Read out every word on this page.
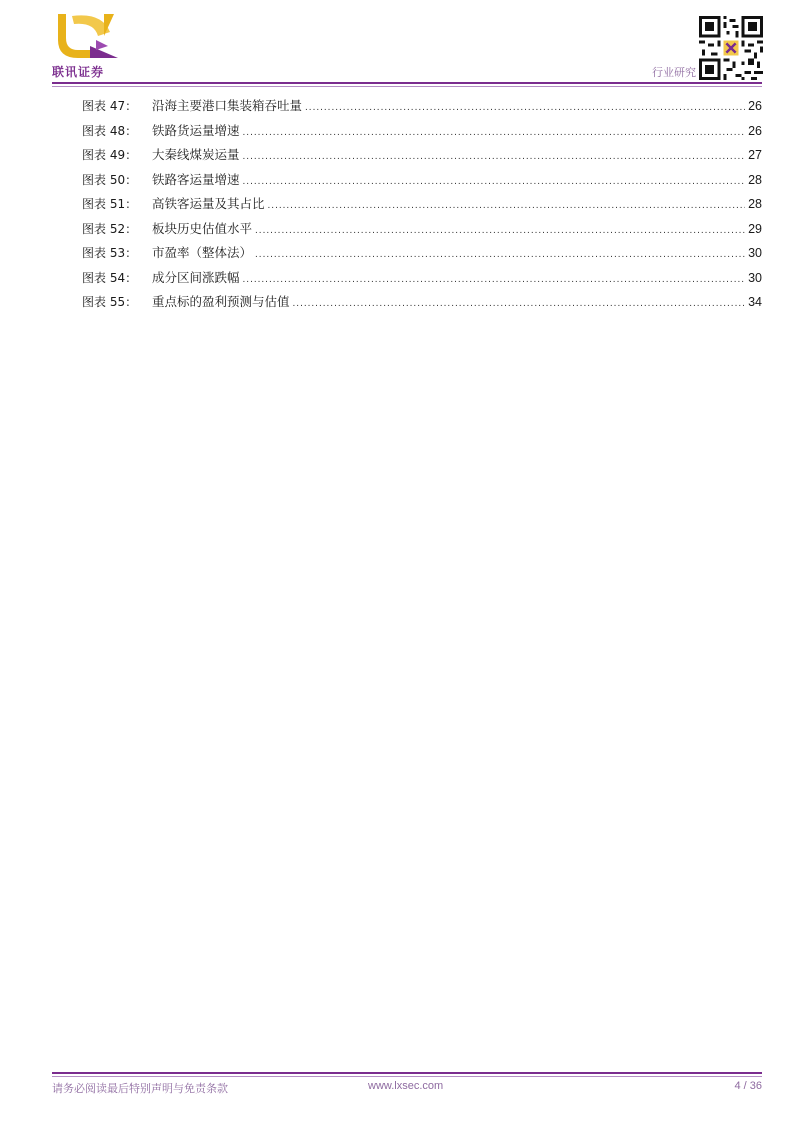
联讯证券	行业研究
图表 47：	沿海主要港口集装箱吞吐量 .....	26
图表 48：	铁路货运量增速 .....	26
图表 49：	大秦线煤炭运量 .....	27
图表 50：	铁路客运量增速 .....	28
图表 51：	高铁客运量及其占比 .....	28
图表 52：	板块历史估值水平 .....	29
图表 53：	市盈率（整体法） .....	30
图表 54：	成分区间涨跌幅 .....	30
图表 55：	重点标的盈利预测与估值 .....	34
请务必阅读最后特别声明与免责条款	www.lxsec.com	4 / 36
